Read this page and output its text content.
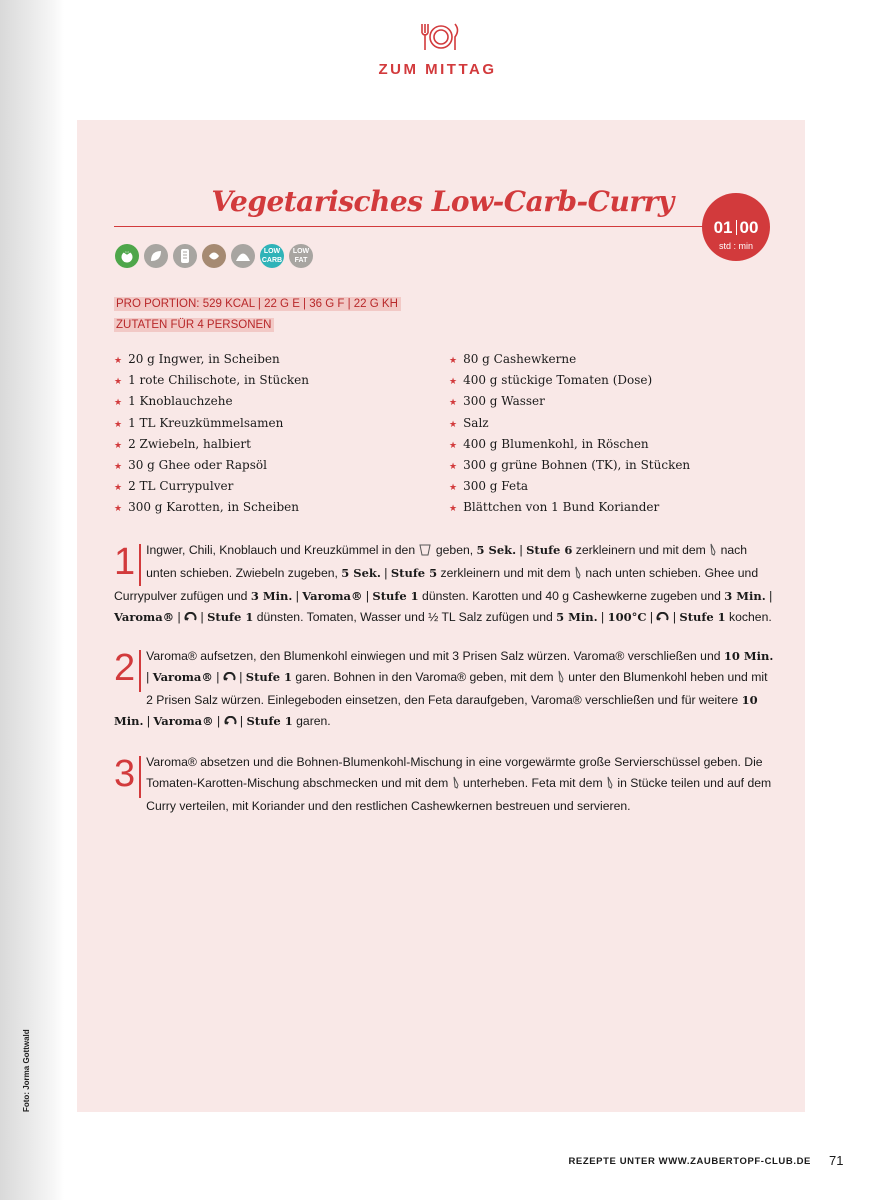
Foto: Jorma Gottwald
ZUM MITTAG
Vegetarisches Low-Carb-Curry
01 00
std : min
LOW
CARB
LOW
FAT
PRO PORTION: 529 KCAL | 22 G E | 36 G F | 22 G KH
ZUTATEN FÜR 4 PERSONEN
★ 20 g Ingwer, in Scheiben
★ 1 rote Chilischote, in Stücken
★ 1 Knoblauchzehe
★ 1 TL Kreuzkümmelsamen
★ 2 Zwiebeln, halbiert
★ 30 g Ghee oder Rapsöl
★ 2 TL Currypulver
★ 300 g Karotten, in Scheiben
★ 80 g Cashewkerne
★ 400 g stückige Tomaten (Dose)
★ 300 g Wasser
★ Salz
★ 400 g Blumenkohl, in Röschen
★ 300 g grüne Bohnen (TK), in Stücken
★ 300 g Feta
★ Blättchen von 1 Bund Koriander
1 Ingwer, Chili, Knoblauch und Kreuzkümmel in den  geben, 5 Sek. | Stufe 6 zerkleinern und mit dem  nach unten schieben. Zwiebeln zugeben, 5 Sek. | Stufe 5 zerkleinern und mit dem  nach unten schieben. Ghee und Currypulver zufügen und 3 Min. | Varoma® | Stufe 1 dünsten. Karotten und 40 g Cashewkerne zugeben und 3 Min. | Varoma® |  | Stufe 1 dünsten. Tomaten, Wasser und ½ TL Salz zufügen und 5 Min. | 100°C |  | Stufe 1 kochen.
2 Varoma® aufsetzen, den Blumenkohl einwiegen und mit 3 Prisen Salz würzen. Varoma® verschließen und 10 Min. | Varoma® |  | Stufe 1 garen. Bohnen in den Varoma® geben, mit dem  unter den Blumenkohl heben und mit 2 Prisen Salz würzen. Einlegeboden einsetzen, den Feta daraufgeben, Varoma® verschließen und für weitere 10 Min. | Varoma® |  | Stufe 1 garen.
3 Varoma® absetzen und die Bohnen-Blumenkohl-Mischung in eine vorgewärmte große Servierschüssel geben. Die Tomaten-Karotten-Mischung abschmecken und mit dem  unterheben. Feta mit dem  in Stücke teilen und auf dem Curry verteilen, mit Koriander und den restlichen Cashewkernen bestreuen und servieren.
REZEPTE UNTER WWW.ZAUBERTOPF-CLUB.DE 71
